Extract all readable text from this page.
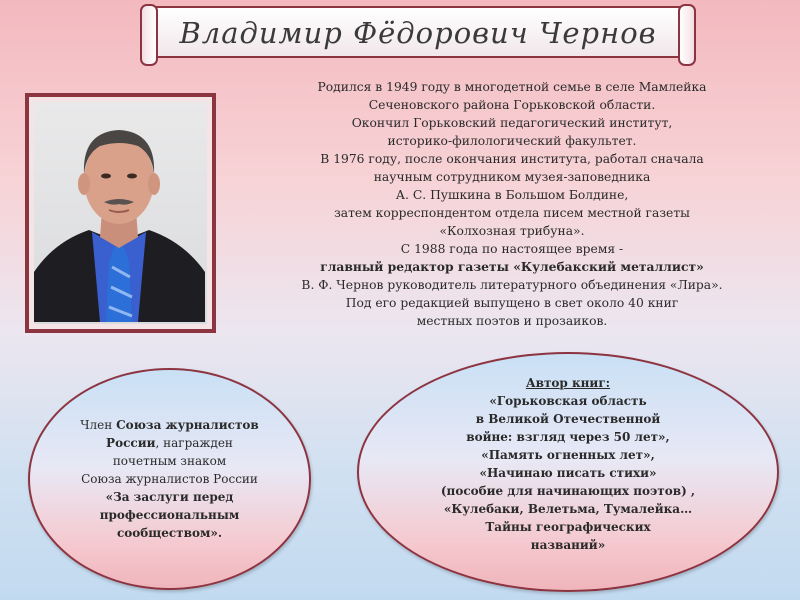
Владимир Фёдорович Чернов
Родился в 1949 году в многодетной семье в селе Мамлейка
Сеченовского района Горьковской области.
Окончил Горьковский педагогический институт,
историко-филологический факультет.
В 1976 году, после окончания института, работал сначала
научным сотрудником музея-заповедника
А. С. Пушкина в Большом Болдине,
затем корреспондентом отдела писем местной газеты
«Колхозная трибуна».
С 1988 года по настоящее время -
главный редактор газеты «Кулебакский металлист»
В. Ф. Чернов руководитель литературного объединения «Лира».
Под его редакцией выпущено в свет около 40 книг
местных поэтов и прозаиков.
Член Союза журналистов
России, награжден
почетным знаком
Союза журналистов России
«За заслуги перед
профессиональным
сообществом».
Автор книг:
«Горьковская область
в Великой Отечественной
войне: взгляд через 50 лет»,
«Память огненных лет»,
«Начинаю писать стихи»
(пособие для начинающих поэтов) ,
«Кулебаки, Велетьма, Тумалейка…
Тайны географических
названий»
